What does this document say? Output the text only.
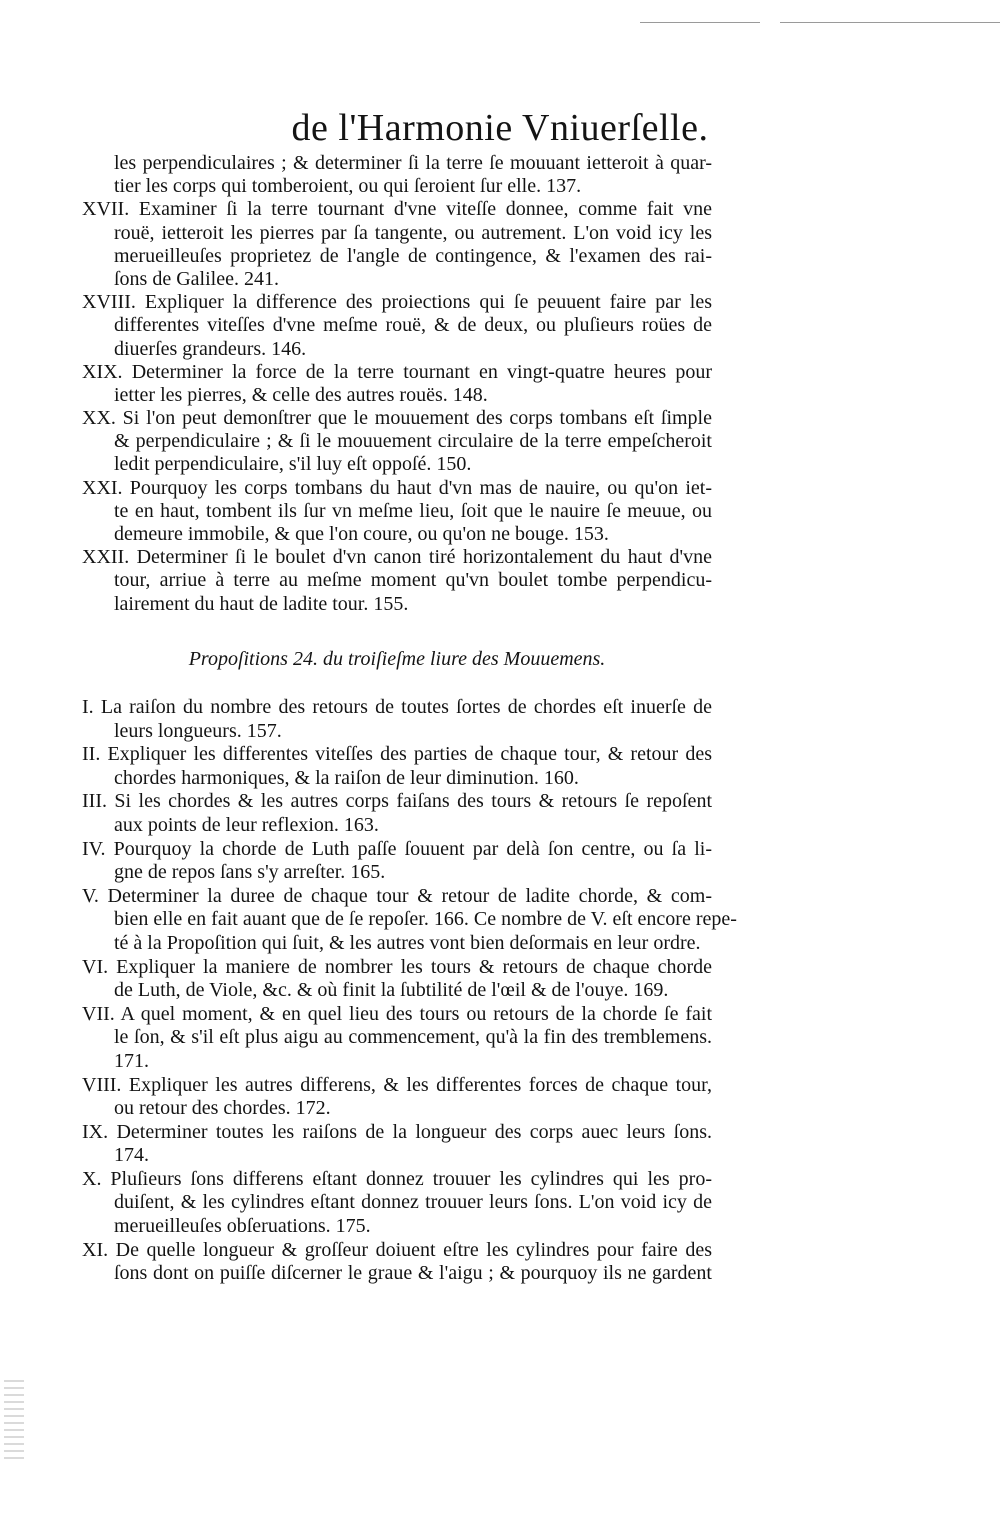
de l'Harmonie Vniuerſelle.
les perpendiculaires ; & determiner ſi la terre ſe mouuant ietteroit à quar-
tier les corps qui tomberoient, ou qui ſeroient ſur elle. 137.
XVII. Examiner ſi la terre tournant d'vne viteſſe donnee, comme fait vne
rouë, ietteroit les pierres par ſa tangente, ou autrement. L'on void icy les
merueilleuſes proprietez de l'angle de contingence, & l'examen des rai-
ſons de Galilee. 241.
XVIII. Expliquer la difference des proiections qui ſe peuuent faire par les
differentes viteſſes d'vne meſme rouë, & de deux, ou pluſieurs roües de
diuerſes grandeurs. 146.
XIX. Determiner la force de la terre tournant en vingt-quatre heures pour
ietter les pierres, & celle des autres rouës. 148.
XX. Si l'on peut demonſtrer que le mouuement des corps tombans eſt ſimple
& perpendiculaire ; & ſi le mouuement circulaire de la terre empeſcheroit
ledit perpendiculaire, s'il luy eſt oppoſé. 150.
XXI. Pourquoy les corps tombans du haut d'vn mas de nauire, ou qu'on iet-
te en haut, tombent ils ſur vn meſme lieu, ſoit que le nauire ſe meuue, ou
demeure immobile, & que l'on coure, ou qu'on ne bouge. 153.
XXII. Determiner ſi le boulet d'vn canon tiré horizontalement du haut d'vne
tour, arriue à terre au meſme moment qu'vn boulet tombe perpendicu-
lairement du haut de ladite tour. 155.
Propoſitions 24. du troiſieſme liure des Mouuemens.
I. La raiſon du nombre des retours de toutes ſortes de chordes eſt inuerſe de
leurs longueurs. 157.
II. Expliquer les differentes viteſſes des parties de chaque tour, & retour des
chordes harmoniques, & la raiſon de leur diminution. 160.
III. Si les chordes & les autres corps faiſans des tours & retours ſe repoſent
aux points de leur reflexion. 163.
IV. Pourquoy la chorde de Luth paſſe ſouuent par delà ſon centre, ou ſa li-
gne de repos ſans s'y arreſter. 165.
V. Determiner la duree de chaque tour & retour de ladite chorde, & com-
bien elle en fait auant que de ſe repoſer. 166. Ce nombre de V. eſt encore repe-
té à la Propoſition qui ſuit, & les autres vont bien deſormais en leur ordre.
VI. Expliquer la maniere de nombrer les tours & retours de chaque chorde
de Luth, de Viole, &c. & où finit la ſubtilité de l'œil & de l'ouye. 169.
VII. A quel moment, & en quel lieu des tours ou retours de la chorde ſe fait
le ſon, & s'il eſt plus aigu au commencement, qu'à la fin des tremblemens.
171.
VIII. Expliquer les autres differens, & les differentes forces de chaque tour,
ou retour des chordes. 172.
IX. Determiner toutes les raiſons de la longueur des corps auec leurs ſons.
174.
X. Pluſieurs ſons differens eſtant donnez trouuer les cylindres qui les pro-
duiſent, & les cylindres eſtant donnez trouuer leurs ſons. L'on void icy de
merueilleuſes obſeruations. 175.
XI. De quelle longueur & groſſeur doiuent eſtre les cylindres pour faire des
ſons dont on puiſſe diſcerner le graue & l'aigu ; & pourquoy ils ne gardent
